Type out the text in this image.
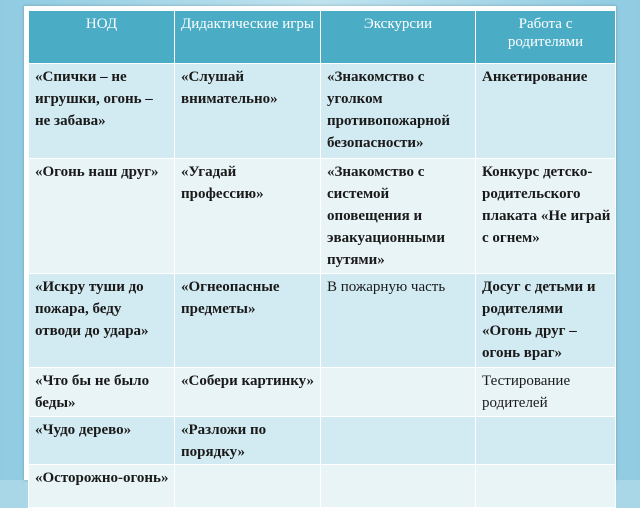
НОД	Дидактические игры	Экскурсии	Работа с родителями
«Спички – не игрушки, огонь – не забава»	«Слушай внимательно»	«Знакомство с уголком противопожарной безопасности»	Анкетирование
«Огонь наш друг»	«Угадай профессию»	«Знакомство с системой оповещения и эвакуационными путями»	Конкурс детско-родительского плаката «Не играй с огнем»
«Искру туши до пожара, беду отводи до удара»	«Огнеопасные предметы»	В пожарную часть	Досуг с детьми и родителями «Огонь друг – огонь враг»
«Что бы не было беды»	«Собери картинку»		Тестирование родителей
«Чудо дерево»	«Разложи по порядку»		
«Осторожно-огонь»			
